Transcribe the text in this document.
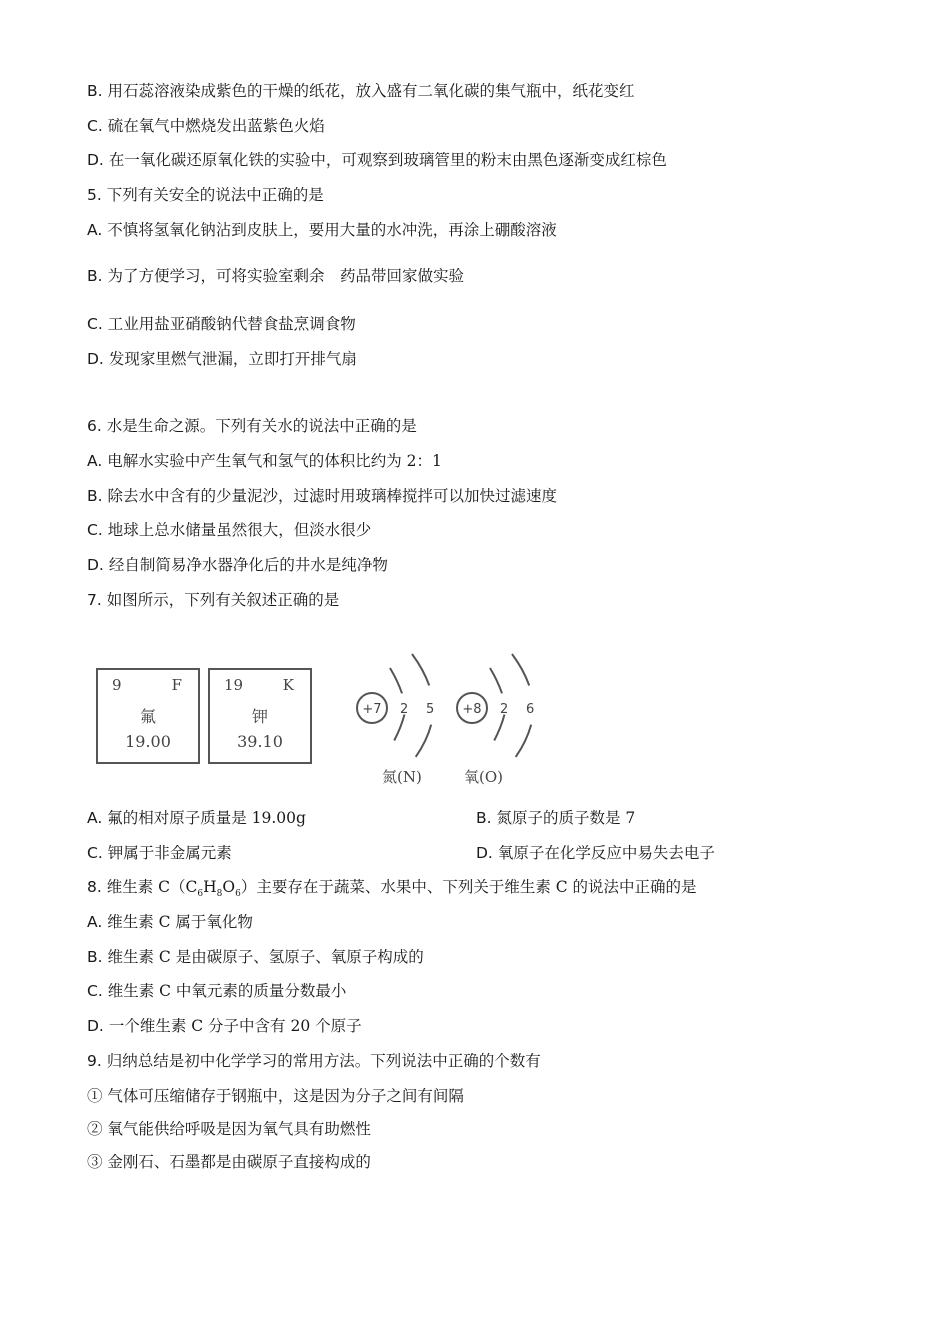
B. 用石蕊溶液染成紫色的干燥的纸花，放入盛有二氧化碳的集气瓶中，纸花变红
C. 硫在氧气中燃烧发出蓝紫色火焰
D. 在一氧化碳还原氧化铁的实验中，可观察到玻璃管里的粉末由黑色逐渐变成红棕色
5. 下列有关安全的说法中正确的是
A. 不慎将氢氧化钠沾到皮肤上，要用大量的水冲洗，再涂上硼酸溶液
B. 为了方便学习，可将实验室剩余　药品带回家做实验
C. 工业用盐亚硝酸钠代替食盐烹调食物
D. 发现家里燃气泄漏，立即打开排气扇
6. 水是生命之源。下列有关水的说法中正确的是
A. 电解水实验中产生氧气和氢气的体积比约为 2：1
B. 除去水中含有的少量泥沙，过滤时用玻璃棒搅拌可以加快过滤速度
C. 地球上总水储量虽然很大，但淡水很少
D. 经自制简易净水器净化后的井水是纯净物
7. 如图所示，下列有关叙述正确的是
9	F
氟
19.00
19	K
钾
39.10
+7 2 5 +8 2 6
氮(N)	氧(O)
A. 氟的相对原子质量是 19.00g	B. 氮原子的质子数是 7
C. 钾属于非金属元素	D. 氧原子在化学反应中易失去电子
8. 维生素 $C(C_6H_8O_6)$主要存在于蔬菜、水果中、下列关于维生素 C 的说法中正确的是
A. 维生素 C 属于氧化物
B. 维生素 C 是由碳原子、氢原子、氧原子构成的
C. 维生素 C 中氧元素的质量分数最小
D. 一个维生素 C 分子中含有 20 个原子
9. 归纳总结是初中化学学习的常用方法。下列说法中正确的个数有
① 气体可压缩储存于钢瓶中，这是因为分子之间有间隔
② 氧气能供给呼吸是因为氧气具有助燃性
③ 金刚石、石墨都是由碳原子直接构成的
